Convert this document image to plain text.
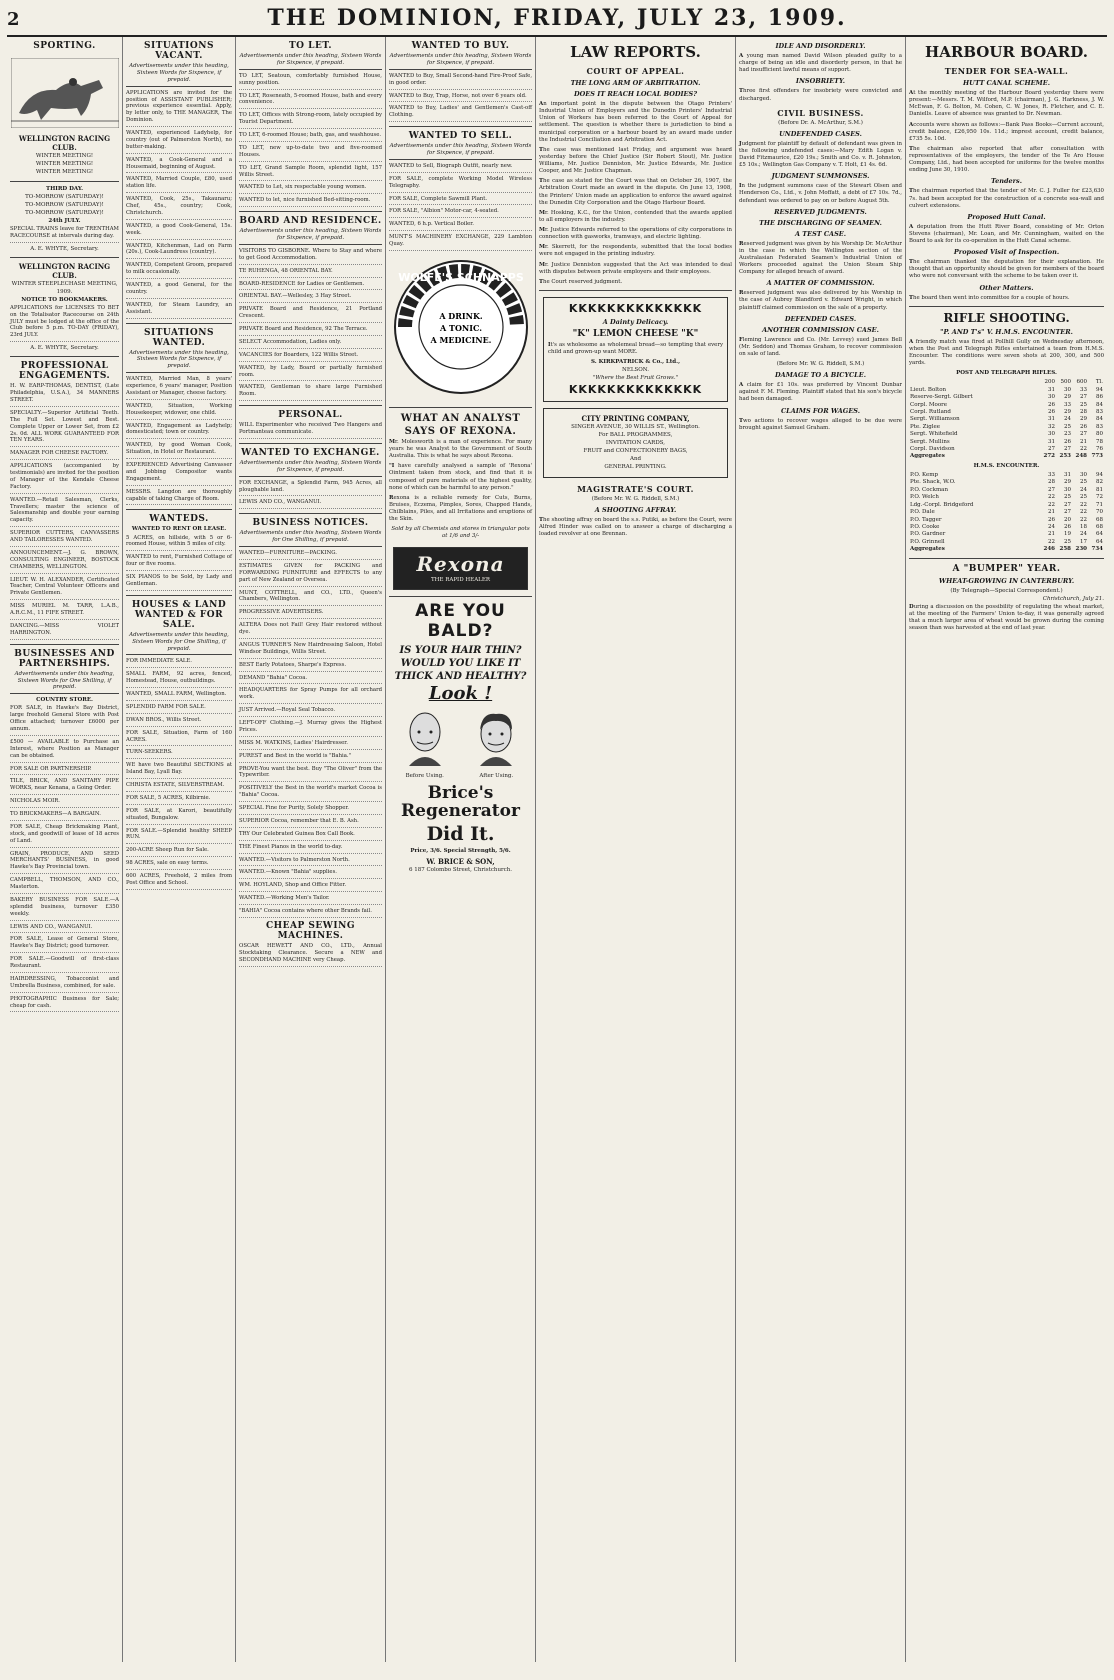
2	THE DOMINION, FRIDAY, JULY 23, 1909.
SPORTING.
WELLINGTON RACING CLUB.
WINTER MEETING!
WINTER MEETING!
WINTER MEETING!
THIRD DAY.
TO-MORROW (SATURDAY)!
TO-MORROW (SATURDAY)!
TO-MORROW (SATURDAY)!
24th JULY.
SPECIAL TRAINS leave for TRENTHAM RACECOURSE at intervals during day.
A. E. WHYTE, Secretary.
WELLINGTON RACING CLUB.
WINTER STEEPLECHASE MEETING, 1909.
NOTICE TO BOOKMAKERS.
APPLICATIONS for LICENSES TO BET on the Totalisator Racecourse on 24th JULY must be lodged at the office of the Club before 5 p.m. TO-DAY (FRIDAY), 23rd JULY.
A. E. WHYTE, Secretary.
PROFESSIONAL ENGAGEMENTS.
H. W. EARP-THOMAS, DENTIST, (Late Philadelphia, U.S.A.), 34 MANNERS STREET.
SPECIALTY.—Superior Artificial Teeth. The Full Set. Lowest and Best. Complete Upper or Lower Set, from £2 2s. 0d. ALL WORK GUARANTEED FOR TEN YEARS.
MANAGER FOR CHEESE FACTORY.
APPLICATIONS (accompanied by testimonials) are invited for the position of Manager of the Kendale Cheese Factory.
WANTED.—Retail Salesman, Clerks, Travellers; master the science of Salesmanship and double your earning capacity.
SUPERIOR CUTTERS, CANVASSERS AND TAILORESSES WANTED.
ANNOUNCEMENT.—J. G. BROWN, CONSULTING ENGINEER, BOSTOCK CHAMBERS, WELLINGTON.
LIEUT. W. H. ALEXANDER, Certificated Teacher, Central Volunteer Officers and Private Gentlemen.
MISS MURIEL M. TARR, L.A.B., A.R.C.M., 11 FIFE STREET.
DANCING.—MISS VIOLET HARRINGTON.
BUSINESSES AND PARTNERSHIPS.
Advertisements under this heading, Sixteen Words for One Shilling, if prepaid.
COUNTRY STORE.
FOR SALE, in Hawke's Bay District, large freehold General Store with Post Office attached; turnover £6000 per annum.
£500 — AVAILABLE to Purchase an Interest, where Position as Manager can be obtained.
FOR SALE OR PARTNERSHIP.
TILE, BRICK, AND SANITARY PIPE WORKS, near Kenana, a Going Order.
NICHOLAS MOIR.
TO BRICKMAKERS—A BARGAIN.
FOR SALE, Cheap Brickmaking Plant, stock, and goodwill of lease of 18 acres of Land.
GRAIN, PRODUCE, AND SEED MERCHANTS' BUSINESS, in good Hawke's Bay Provincial town.
CAMPBELL, THOMSON, AND CO., Masterton.
BAKERY BUSINESS FOR SALE.—A splendid business, turnover £350 weekly.
LEWIS AND CO., WANGANUI.
FOR SALE, Lease of General Store, Hawke's Bay District; good turnover.
FOR SALE.—Goodwill of first-class Restaurant.
HAIRDRESSING, Tobacconist and Umbrella Business, combined, for sale.
PHOTOGRAPHIC Business for Sale; cheap for cash.
SITUATIONS VACANT.
Advertisements under this heading, Sixteen Words for Sixpence, if prepaid.
APPLICATIONS are invited for the position of ASSISTANT PUBLISHER; previous experience essential. Apply, by letter only, to THE MANAGER, The Dominion.
WANTED, experienced Ladyhelp, for country (out of Palmerston North), no butter-making.
WANTED, a Cook-General and a Housemaid, beginning of August.
WANTED, Married Couple, £80, used station life.
WANTED, Cook, 25s., Takaunaru; Chef, 45s., country; Cook, Christchurch.
WANTED, a good Cook-General, 15s. week.
WANTED, Kitchenman, Lad on Farm (20s.), Cook-Laundress (country).
WANTED, Competent Groom, prepared to milk occasionally.
WANTED, a good General, for the country.
WANTED, for Steam Laundry, an Assistant.
SITUATIONS WANTED.
Advertisements under this heading, Sixteen Words for Sixpence, if prepaid.
WANTED, Married Man, 8 years' experience, 6 years' manager, Position Assistant or Manager, cheese factory.
WANTED, Situation, Working Housekeeper, widower, one child.
WANTED, Engagement as Ladyhelp; domesticated; town or country.
WANTED, by good Woman Cook, Situation, in Hotel or Restaurant.
EXPERIENCED Advertising Canvasser and Jobbing Compositor wants Engagement.
MESSRS. Langdon are thoroughly capable of taking Charge of Room.
WANTEDS.
WANTED TO RENT OR LEASE.
5 ACRES, on hillside, with 5 or 6-roomed House, within 5 miles of city.
WANTED to rent, Furnished Cottage of four or five rooms.
SIX PIANOS to be Sold, by Lady and Gentleman.
HOUSES & LAND WANTED & FOR SALE.
Advertisements under this heading, Sixteen Words for One Shilling, if prepaid.
FOR IMMEDIATE SALE.
SMALL FARM, 92 acres, fenced, Homestead, House, outbuildings.
WANTED, SMALL FARM, Wellington.
SPLENDID FARM FOR SALE.
DWAN BROS., Willis Street.
FOR SALE, Situation, Farm of 160 ACRES.
TURN-SEEKERS.
WE have two Beautiful SECTIONS at Island Bay, Lyall Bay.
CHRISTA ESTATE, SILVERSTREAM.
FOR SALE, 5 ACRES, Kilbirnie.
FOR SALE, at Karori, beautifully situated, Bungalow.
FOR SALE.—Splendid healthy SHEEP RUN.
200-ACRE Sheep Run for Sale.
98 ACRES, sale on easy terms.
600 ACRES, Freehold, 2 miles from Post Office and School.
TO LET.
Advertisements under this heading, Sixteen Words for Sixpence, if prepaid.
TO LET, Seatoun, comfortably furnished House, sunny position.
TO LET, Roseneath, 5-roomed House, bath and every convenience.
TO LET, Offices with Strong-room, lately occupied by Tourist Department.
TO LET, 6-roomed House; bath, gas, and washhouse.
TO LET, new up-to-date two and five-roomed Houses.
TO LET, Grand Sample Room, splendid light, 157 Willis Street.
WANTED to Let, six respectable young women.
WANTED to let, nice furnished Bed-sitting-room.
BOARD AND RESIDENCE.
Advertisements under this heading, Sixteen Words for Sixpence, if prepaid.
VISITORS TO GISBORNE. Where to Stay and where to get Good Accommodation.
TE RUHENGA, 48 ORIENTAL BAY.
BOARD-RESIDENCE for Ladies or Gentlemen.
ORIENTAL BAY.—Wellesley, 3 Hay Street.
PRIVATE Board and Residence, 21 Portland Crescent.
PRIVATE Board and Residence, 92 The Terrace.
SELECT Accommodation, Ladies only.
VACANCIES for Boarders, 122 Willis Street.
WANTED, by Lady, Board or partially furnished room.
WANTED, Gentleman to share large Furnished Room.
PERSONAL.
WILL Experimenter who received Two Hangers and Portmanteau communicate.
WANTED TO EXCHANGE.
Advertisements under this heading, Sixteen Words for Sixpence, if prepaid.
FOR EXCHANGE, a Splendid Farm, 945 Acres, all ploughable land.
LEWIS AND CO., WANGANUI.
BUSINESS NOTICES.
Advertisements under this heading, Sixteen Words for One Shilling, if prepaid.
WANTED—FURNITURE—PACKING.
ESTIMATES GIVEN for PACKING and FORWARDING FURNITURE and EFFECTS to any part of New Zealand or Oversea.
MUNT, COTTRELL, and CO., LTD., Queen's Chambers, Wellington.
PROGRESSIVE ADVERTISERS.
ALTERA Does not Fail! Grey Hair restored without dye.
ANGUS TURNER'S New Hairdressing Saloon, Hotel Windsor Buildings, Willis Street.
BEST Early Potatoes, Sharpe's Express.
DEMAND "Bahia" Cocoa.
HEADQUARTERS for Spray Pumps for all orchard work.
JUST Arrived.—Royal Seal Tobacco.
LEFT-OFF Clothing.—J. Murray gives the Highest Prices.
MISS M. WATKINS, Ladies' Hairdresser.
PUREST and Best in the world is "Bahia."
PROVE-You want the best. Buy "The Oliver" from the Typewriter.
POSITIVELY the Best in the world's market Cocoa is "Bahia" Cocoa.
SPECIAL Fine for Purity, Solely Shopper.
SUPERIOR Cocoa, remember that E. B. Ash.
TRY Our Celebrated Guinea Box Call Book.
THE Finest Pianos in the world to-day.
WANTED.—Visitors to Palmerston North.
WANTED.—Known "Bahia" supplies.
WM. HOYLAND, Shop and Office Fitter.
WANTED.—Working Men's Tailor.
"BAHIA" Cocoa contains where other Brands fail.
CHEAP SEWING MACHINES.
OSCAR HEWETT AND CO., LTD., Annual Stocktaking Clearance. Secure a NEW and SECONDHAND MACHINE very Cheap.
WANTED TO BUY.
Advertisements under this heading, Sixteen Words for Sixpence, if prepaid.
WANTED to Buy, Small Second-hand Fire-Proof Safe, in good order.
WANTED to Buy, Trap, Horse, not over 6 years old.
WANTED to Buy, Ladies' and Gentlemen's Cast-off Clothing.
WANTED TO SELL.
Advertisements under this heading, Sixteen Words for Sixpence, if prepaid.
WANTED to Sell, Biograph Outfit, nearly new.
FOR SALE, complete Working Model Wireless Telegraphy.
FOR SALE, Complete Sawmill Plant.
FOR SALE, "Albion" Motor-car, 4-seated.
WANTED, 6 h.p. Vertical Boiler.
MUNT'S MACHINERY EXCHANGE, 229 Lambton Quay.
WOLFE'S SCHNAPPS
A DRINK.
A TONIC.
A MEDICINE.
WHAT AN ANALYST
SAYS OF REXONA.
Mr. Molesworth is a man of experience. For many years he was Analyst to the Government of South Australia. This is what he says about Rexona.
"I have carefully analysed a sample of 'Rexona' Ointment taken from stock, and find that it is composed of pure materials of the highest quality, none of which can be harmful to any person."
Rexona is a reliable remedy for Cuts, Burns, Bruises, Eczema, Pimples, Sores, Chapped Hands, Chilblains, Piles, and all Irritations and eruptions of the Skin.
Sold by all Chemists and stores in triangular pots at 1/6 and 3/-
Rexona
THE RAPID HEALER
ARE YOU BALD?
IS YOUR HAIR THIN?
WOULD YOU LIKE IT THICK AND HEALTHY?
Look !
Before Using.	After Using.
Brice's Regenerator
Did It.
Price, 3/6. Special Strength, 5/6.
W. BRICE & SON,
6 187 Colombo Street, Christchurch.
LAW REPORTS.
COURT OF APPEAL.
THE LONG ARM OF ARBITRATION.
DOES IT REACH LOCAL BODIES?
An important point in the dispute between the Otago Printers' Industrial Union of Employers and the Dunedin Printers' Industrial Union of Workers has been referred to the Court of Appeal for settlement. The question is whether there is jurisdiction to bind a municipal corporation or a harbour board by an award made under the Industrial Conciliation and Arbitration Act.
The case was mentioned last Friday, and argument was heard yesterday before the Chief Justice (Sir Robert Stout), Mr. Justice Williams, Mr. Justice Denniston, Mr. Justice Edwards, Mr. Justice Cooper, and Mr. Justice Chapman.
The case as stated for the Court was that on October 26, 1907, the Arbitration Court made an award in the dispute. On June 13, 1908, the Printers' Union made an application to enforce the award against the Dunedin City Corporation and the Otago Harbour Board.
Mr. Hosking, K.C., for the Union, contended that the awards applied to all employers in the industry.
Mr. Justice Edwards referred to the operations of city corporations in connection with gasworks, tramways, and electric lighting.
Mr. Skerrett, for the respondents, submitted that the local bodies were not engaged in the printing industry.
Mr. Justice Denniston suggested that the Act was intended to deal with disputes between private employers and their employees.
The Court reserved judgment.
KKKKKKKKKKKKKK
A Dainty Delicacy.
"K" LEMON CHEESE "K"
It's as wholesome as wholemeal bread—so tempting that every child and grown-up want MORE.
S. KIRKPATRICK & Co., Ltd.,
NELSON.
"Where the Best Fruit Grows."
KKKKKKKKKKKKKK
CITY PRINTING COMPANY,
SINGER AVENUE, 30 WILLIS ST., Wellington.
For BALL PROGRAMMES,
INVITATION CARDS,
FRUIT and CONFECTIONERY BAGS,
And
GENERAL PRINTING.
MAGISTRATE'S COURT.
(Before Mr. W. G. Riddell, S.M.)
A SHOOTING AFFRAY.
The shooting affray on board the s.s. Putiki, as before the Court, were Alfred Hinder was called on to answer a charge of discharging a loaded revolver at one Brennan.
IDLE AND DISORDERLY.
A young man named David Wilson pleaded guilty to a charge of being an idle and disorderly person, in that he had insufficient lawful means of support.
INSOBRIETY.
Three first offenders for insobriety were convicted and discharged.
CIVIL BUSINESS.
(Before Dr. A. McArthur, S.M.)
UNDEFENDED CASES.
Judgment for plaintiff by default of defendant was given in the following undefended cases:—Mary Edith Logan v. David Fitzmaurice, £20 19s.; Smith and Co. v. R. Johnston, £5 10s.; Wellington Gas Company v. T. Holt, £1 4s. 6d.
JUDGMENT SUMMONSES.
In the judgment summons case of the Stewart Olsen and Henderson Co., Ltd., v. John Moffatt, a debt of £7 10s. 7d., defendant was ordered to pay on or before August 5th.
RESERVED JUDGMENTS.
THE DISCHARGING OF SEAMEN.
A TEST CASE.
Reserved judgment was given by his Worship Dr. McArthur in the case in which the Wellington section of the Australasian Federated Seamen's Industrial Union of Workers proceeded against the Union Steam Ship Company for alleged breach of award.
A MATTER OF COMMISSION.
Reserved judgment was also delivered by his Worship in the case of Aubrey Blandford v. Edward Wright, in which plaintiff claimed commission on the sale of a property.
DEFENDED CASES.
ANOTHER COMMISSION CASE.
Fleming Lawrence and Co. (Mr. Levvey) sued James Bell (Mr. Seddon) and Thomas Graham, to recover commission on sale of land.
(Before Mr. W. G. Riddell, S.M.)
DAMAGE TO A BICYCLE.
A claim for £1 10s. was preferred by Vincent Dunbar against F. M. Fleming. Plaintiff stated that his son's bicycle had been damaged.
CLAIMS FOR WAGES.
Two actions to recover wages alleged to be due were brought against Samuel Graham.
HARBOUR BOARD.
TENDER FOR SEA-WALL.
HUTT CANAL SCHEME.
At the monthly meeting of the Harbour Board yesterday there were present:—Messrs. T. M. Wilford, M.P. (chairman), J. G. Harkness, J. W. McEwan, F. G. Bolton, M. Cohen, C. W. Jones, R. Fletcher, and C. E. Daniells. Leave of absence was granted to Dr. Newman.
Accounts were shown as follows:—Bank Pass Books—Current account, credit balance, £26,950 10s. 11d.; imprest account, credit balance, £735 5s. 10d.
The chairman also reported that after consultation with representatives of the employers, the tender of the Te Aro House Company, Ltd., had been accepted for uniforms for the twelve months ending June 30, 1910.
Tenders.
The chairman reported that the tender of Mr. C. J. Fuller for £23,630 7s. had been accepted for the construction of a concrete sea-wall and culvert extensions.
Proposed Hutt Canal.
A deputation from the Hutt River Board, consisting of Mr. Orton Stevens (chairman), Mr. Loan, and Mr. Cunningham, waited on the Board to ask for its co-operation in the Hutt Canal scheme.
Proposed Visit of Inspection.
The chairman thanked the deputation for their explanation. He thought that an opportunity should be given for members of the board who were not conversant with the scheme to be taken over it.
Other Matters.
The board then went into committee for a couple of hours.
RIFLE SHOOTING.
"P. AND T's" V. H.M.S. ENCOUNTER.
A friendly match was fired at Pollhill Gully on Wednesday afternoon, when the Post and Telegraph Rifles entertained a team from H.M.S. Encounter. The conditions were seven shots at 200, 300, and 500 yards.
POST AND TELEGRAPH RIFLES.
	200	500	600	Tl.
Lieut. Bolton	31	30	33	94
Reserve-Sergt. Gilbert	30	29	27	86
Corpl. Moore	26	33	25	84
Corpl. Rutland	26	29	28	83
Sergt. Williamson	31	24	29	84
Pte. Ziglee	32	25	26	83
Sergt. Whitefield	30	23	27	80
Sergt. Mullins	31	26	21	78
Corpl. Davidson	27	27	22	76
Aggregates	272	253	248	773
H.M.S. ENCOUNTER.
P.O. Kemp	33	31	30	94
Pte. Shack, W.O.	28	29	25	82
P.O. Cockman	27	30	24	81
P.O. Welch	22	25	25	72
Ldg.-Corpl. Bridgeford	22	27	22	71
P.O. Dale	21	27	22	70
P.O. Tagger	26	20	22	68
P.O. Cooke	24	26	18	68
P.O. Gardner	21	19	24	64
P.O. Grinnell	22	25	17	64
Aggregates	246	258	230	734
A "BUMPER" YEAR.
WHEAT-GROWING IN CANTERBURY.
(By Telegraph—Special Correspondent.)
Christchurch, July 21.
During a discussion on the possibility of regulating the wheat market, at the meeting of the Farmers' Union to-day, it was generally agreed that a much larger area of wheat would be grown during the coming season than was harvested at the end of last year.
